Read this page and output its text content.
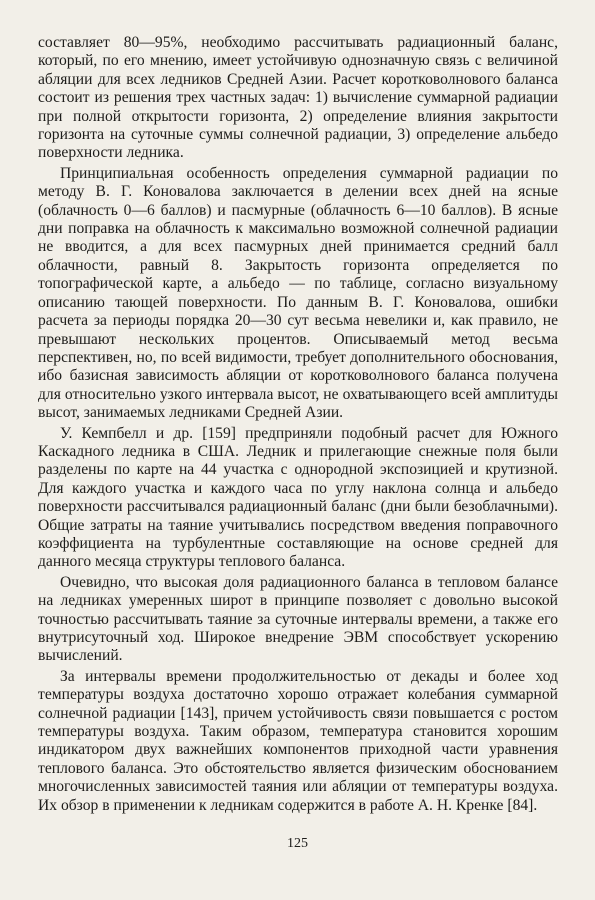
составляет 80—95%, необходимо рассчитывать радиационный баланс, который, по его мнению, имеет устойчивую однозначную связь с величиной абляции для всех ледников Средней Азии. Расчет коротковолнового баланса состоит из решения трех частных задач: 1) вычисление суммарной радиации при полной открытости горизонта, 2) определение влияния закрытости горизонта на суточные суммы солнечной радиации, 3) определение альбедо поверхности ледника.

Принципиальная особенность определения суммарной радиации по методу В. Г. Коновалова заключается в делении всех дней на ясные (облачность 0—6 баллов) и пасмурные (облачность 6—10 баллов). В ясные дни поправка на облачность к максимально возможной солнечной радиации не вводится, а для всех пасмурных дней принимается средний балл облачности, равный 8. Закрытость горизонта определяется по топографической карте, а альбедо — по таблице, согласно визуальному описанию тающей поверхности. По данным В. Г. Коновалова, ошибки расчета за периоды порядка 20—30 сут весьма невелики и, как правило, не превышают нескольких процентов. Описываемый метод весьма перспективен, но, по всей видимости, требует дополнительного обоснования, ибо базисная зависимость абляции от коротковолнового баланса получена для относительно узкого интервала высот, не охватывающего всей амплитуды высот, занимаемых ледниками Средней Азии.

У. Кемпбелл и др. [159] предприняли подобный расчет для Южного Каскадного ледника в США. Ледник и прилегающие снежные поля были разделены по карте на 44 участка с однородной экспозицией и крутизной. Для каждого участка и каждого часа по углу наклона солнца и альбедо поверхности рассчитывался радиационный баланс (дни были безоблачными). Общие затраты на таяние учитывались посредством введения поправочного коэффициента на турбулентные составляющие на основе средней для данного месяца структуры теплового баланса.

Очевидно, что высокая доля радиационного баланса в тепловом балансе на ледниках умеренных широт в принципе позволяет с довольно высокой точностью рассчитывать таяние за суточные интервалы времени, а также его внутрисуточный ход. Широкое внедрение ЭВМ способствует ускорению вычислений.

За интервалы времени продолжительностью от декады и более ход температуры воздуха достаточно хорошо отражает колебания суммарной солнечной радиации [143], причем устойчивость связи повышается с ростом температуры воздуха. Таким образом, температура становится хорошим индикатором двух важнейших компонентов приходной части уравнения теплового баланса. Это обстоятельство является физическим обоснованием многочисленных зависимостей таяния или абляции от температуры воздуха. Их обзор в применении к ледникам содержится в работе А. Н. Кренке [84].

125
